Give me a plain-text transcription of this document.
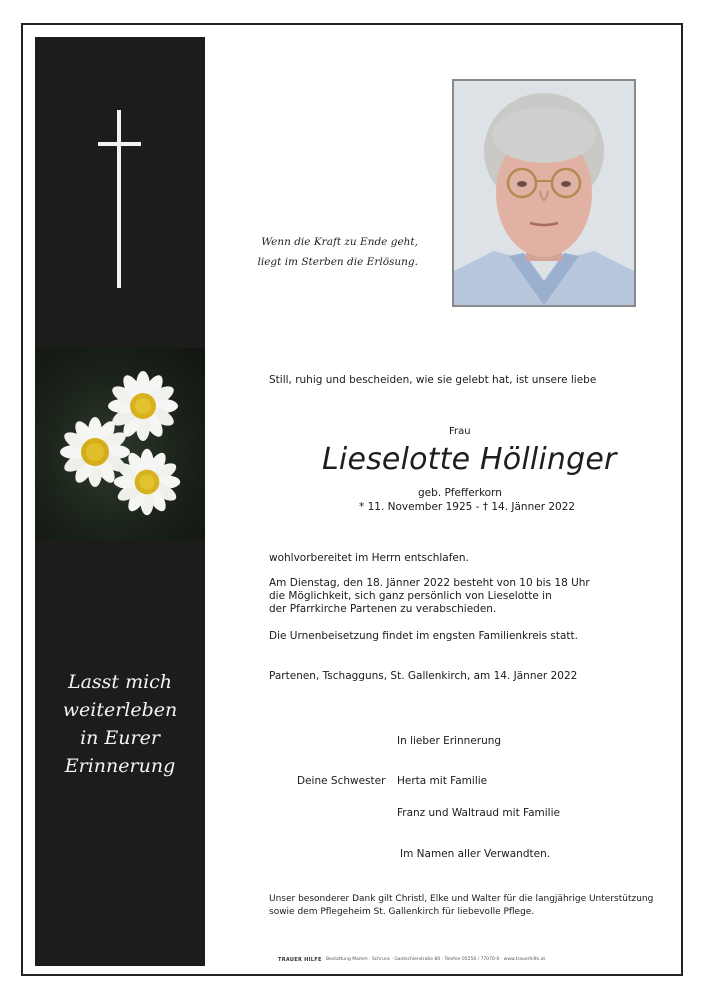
Lasst mich
weiterleben
in Eurer
Erinnerung
Wenn die Kraft zu Ende geht,
liegt im Sterben die Erlösung.
Still, ruhig und bescheiden, wie sie gelebt hat, ist unsere liebe
Frau
Lieselotte Höllinger
geb. Pfefferkorn
* 11. November 1925 - † 14. Jänner 2022
wohlvorbereitet im Herrn entschlafen.
Am Dienstag, den 18. Jänner 2022 besteht von 10 bis 18 Uhr
die Möglichkeit, sich ganz persönlich von Lieselotte in
der Pfarrkirche Partenen zu verabschieden.
Die Urnenbeisetzung findet im engsten Familienkreis statt.
Partenen, Tschagguns, St. Gallenkirch, am 14. Jänner 2022
In lieber Erinnerung
Deine Schwester Herta mit Familie
Franz und Waltraud mit Familie
Im Namen aller Verwandten.
Unser besonderer Dank gilt Christl, Elke und Walter für die langjährige Unterstützung
sowie dem Pflegeheim St. Gallenkirch für liebevolle Pflege.
TRAUER HILFE Bestattung Mamm · Schruns · Gantschierstraße 80 · Telefon 05556 / 77070-0 · www.trauerhilfe.at
